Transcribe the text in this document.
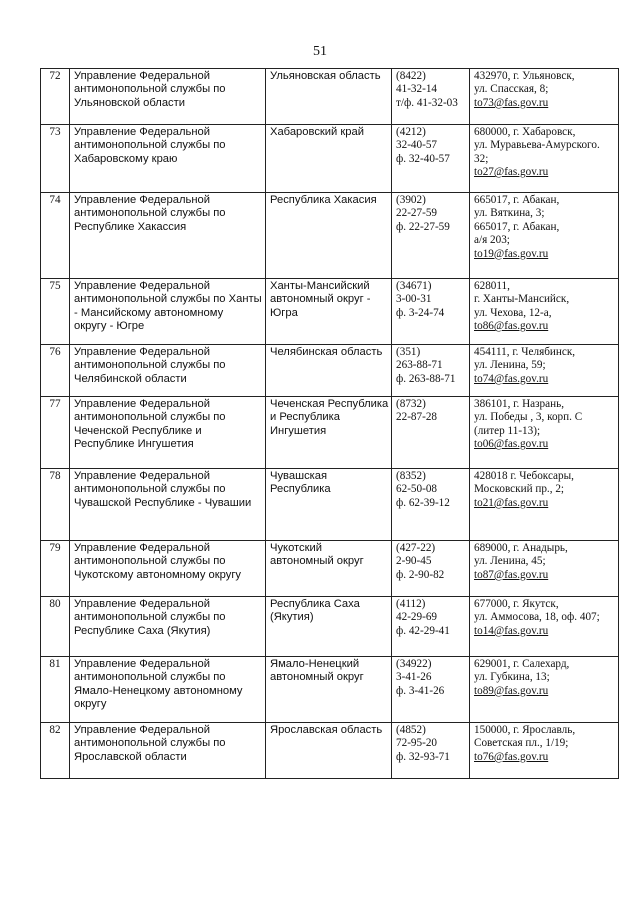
51
72	Управление Федеральной
антимонопольной службы по
Ульяновской области	Ульяновская область	(8422)
41-32-14
т/ф. 41-32-03	432970, г. Ульяновск,
ул. Спасская, 8;
to73@fas.gov.ru

73	Управление Федеральной
антимонопольной службы по
Хабаровскому краю	Хабаровский край	(4212)
32-40-57
ф. 32-40-57	680000, г. Хабаровск,
ул. Муравьева-Амурского.
32;
to27@fas.gov.ru

74	Управление Федеральной
антимонопольной службы по
Республике Хакассия	Республика Хакасия	(3902)
22-27-59
ф. 22-27-59	665017, г. Абакан,
ул. Вяткина, 3;
665017, г. Абакан,
а/я 203;
to19@fas.gov.ru

75	Управление Федеральной
антимонопольной службы по Ханты
- Мансийскому автономному
округу - Югре	Ханты-Мансийский
автономный округ -
Югра	(34671)
3-00-31
ф. 3-24-74	628011,
г. Ханты-Мансийск,
ул. Чехова, 12-а,
to86@fas.gov.ru

76	Управление Федеральной
антимонопольной службы по
Челябинской области	Челябинская область	(351)
263-88-71
ф. 263-88-71	454111, г. Челябинск,
ул. Ленина, 59;
to74@fas.gov.ru

77	Управление Федеральной
антимонопольной службы по
Чеченской Республике и
Республике Ингушетия	Чеченская Республика
и Республика
Ингушетия	(8732)
22-87-28	386101, г. Назрань,
ул. Победы , 3, корп. С
(литер 11-13);
to06@fas.gov.ru

78	Управление Федеральной
антимонопольной службы по
Чувашской Республике - Чувашии	Чувашская
Республика	(8352)
62-50-08
ф. 62-39-12	428018 г. Чебоксары,
Московский пр., 2;
to21@fas.gov.ru

79	Управление Федеральной
антимонопольной службы по
Чукотскому автономному округу	Чукотский
автономный округ	(427-22)
2-90-45
ф. 2-90-82	689000, г. Анадырь,
ул. Ленина, 45;
to87@fas.gov.ru

80	Управление Федеральной
антимонопольной службы по
Республике Саха (Якутия)	Республика Саха
(Якутия)	(4112)
42-29-69
ф. 42-29-41	677000, г. Якутск,
ул. Аммосова, 18, оф. 407;
to14@fas.gov.ru

81	Управление Федеральной
антимонопольной службы по
Ямало-Ненецкому автономному
округу	Ямало-Ненецкий
автономный округ	(34922)
3-41-26
ф. 3-41-26	629001, г. Салехард,
ул. Губкина, 13;
to89@fas.gov.ru

82	Управление Федеральной
антимонопольной службы по
Ярославской области	Ярославская область	(4852)
72-95-20
ф. 32-93-71	150000, г. Ярославль,
Советская пл., 1/19;
to76@fas.gov.ru
